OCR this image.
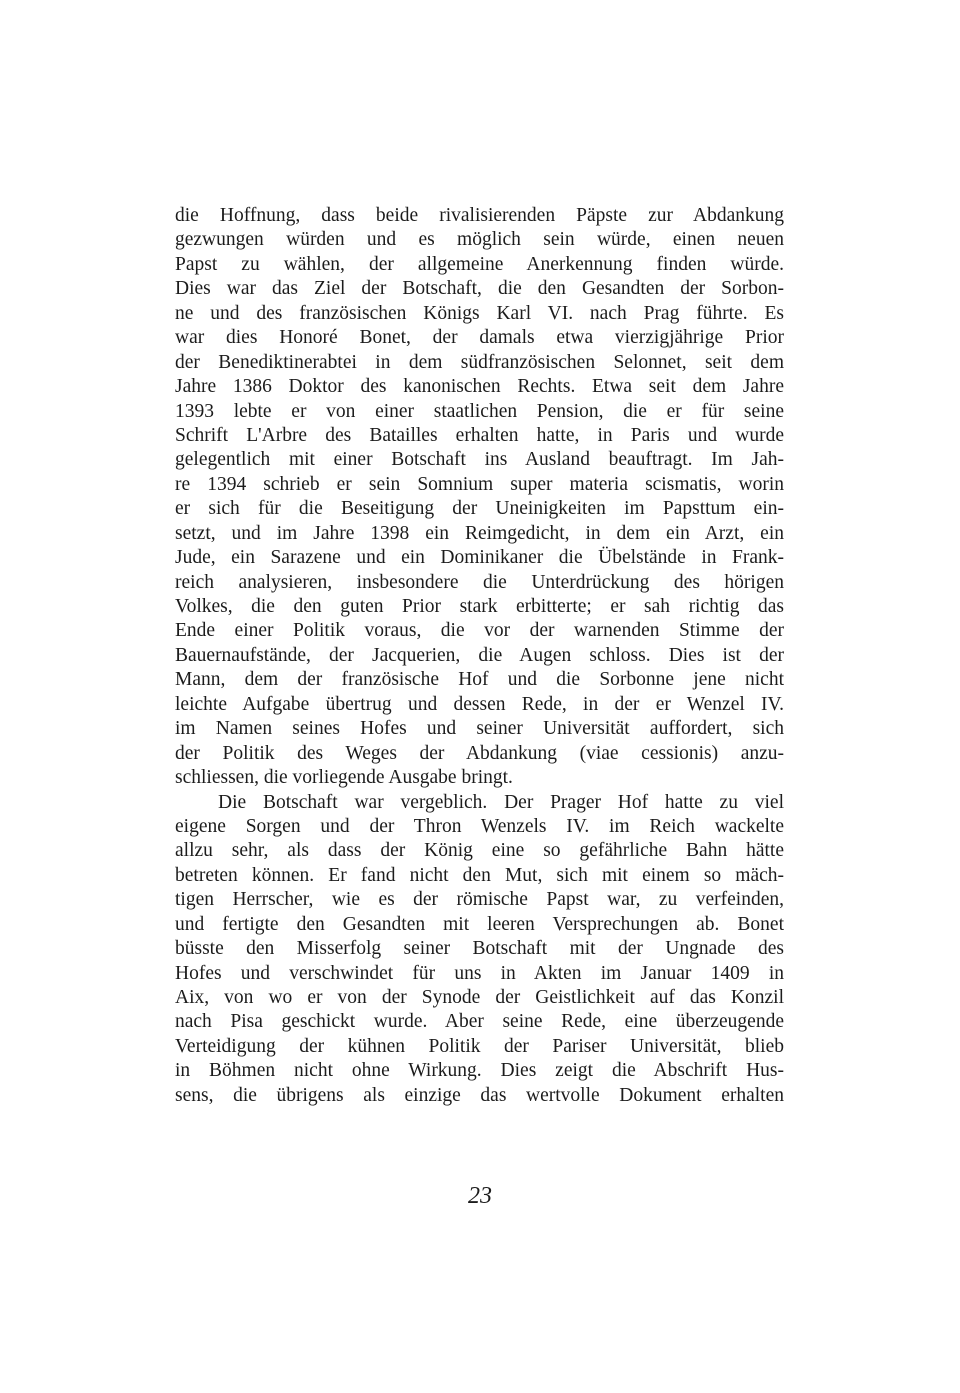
die Hoffnung, dass beide rivalisierenden Päpste zur Abdankung
gezwungen würden und es möglich sein würde, einen neuen
Papst zu wählen, der allgemeine Anerkennung finden würde.
Dies war das Ziel der Botschaft, die den Gesandten der Sorbon-
ne und des französischen Königs Karl VI. nach Prag führte. Es
war dies Honoré Bonet, der damals etwa vierzigjährige Prior
der Benediktinerabtei in dem südfranzösischen Selonnet, seit dem
Jahre 1386 Doktor des kanonischen Rechts. Etwa seit dem Jahre
1393 lebte er von einer staatlichen Pension, die er für seine
Schrift L'Arbre des Batailles erhalten hatte, in Paris und wurde
gelegentlich mit einer Botschaft ins Ausland beauftragt. Im Jah-
re 1394 schrieb er sein Somnium super materia scismatis, worin
er sich für die Beseitigung der Uneinigkeiten im Papsttum ein-
setzt, und im Jahre 1398 ein Reimgedicht, in dem ein Arzt, ein
Jude, ein Sarazene und ein Dominikaner die Übelstände in Frank-
reich analysieren, insbesondere die Unterdrückung des hörigen
Volkes, die den guten Prior stark erbitterte; er sah richtig das
Ende einer Politik voraus, die vor der warnenden Stimme der
Bauernaufstände, der Jacquerien, die Augen schloss. Dies ist der
Mann, dem der französische Hof und die Sorbonne jene nicht
leichte Aufgabe übertrug und dessen Rede, in der er Wenzel IV.
im Namen seines Hofes und seiner Universität auffordert, sich
der Politik des Weges der Abdankung (viae cessionis) anzu-
schliessen, die vorliegende Ausgabe bringt.
Die Botschaft war vergeblich. Der Prager Hof hatte zu viel
eigene Sorgen und der Thron Wenzels IV. im Reich wackelte
allzu sehr, als dass der König eine so gefährliche Bahn hätte
betreten können. Er fand nicht den Mut, sich mit einem so mäch-
tigen Herrscher, wie es der römische Papst war, zu verfeinden,
und fertigte den Gesandten mit leeren Versprechungen ab. Bonet
büsste den Misserfolg seiner Botschaft mit der Ungnade des
Hofes und verschwindet für uns in Akten im Januar 1409 in
Aix, von wo er von der Synode der Geistlichkeit auf das Konzil
nach Pisa geschickt wurde. Aber seine Rede, eine überzeugende
Verteidigung der kühnen Politik der Pariser Universität, blieb
in Böhmen nicht ohne Wirkung. Dies zeigt die Abschrift Hus-
sens, die übrigens als einzige das wertvolle Dokument erhalten
23
